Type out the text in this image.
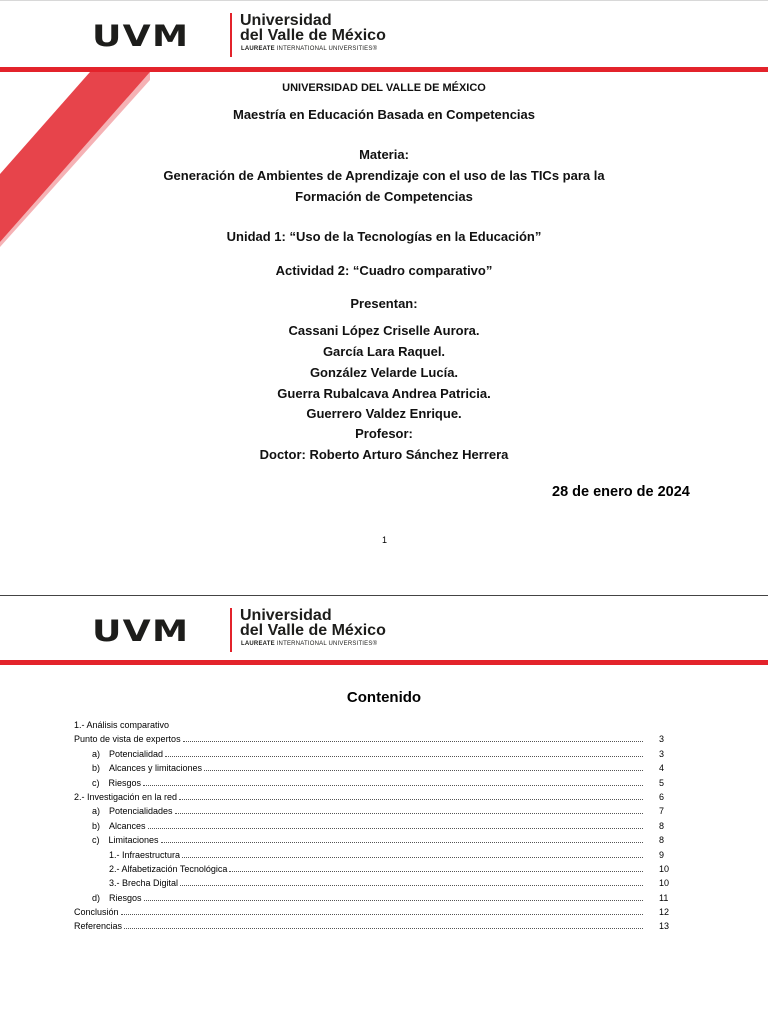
UVM	Universidad
del Valle de México
LAUREATE INTERNATIONAL UNIVERSITIES®
UNIVERSIDAD DEL VALLE DE MÉXICO
Maestría en Educación Basada en Competencias
Materia:
Generación de Ambientes de Aprendizaje con el uso de las TICs para la
Formación de Competencias
Unidad 1: “Uso de la Tecnologías en la Educación”
Actividad 2: “Cuadro comparativo”
Presentan:
Cassani López Criselle Aurora.
García Lara Raquel.
González Velarde Lucía.
Guerra Rubalcava Andrea Patricia.
Guerrero Valdez Enrique.
Profesor:
Doctor: Roberto Arturo Sánchez Herrera
28 de enero de 2024
1
UVM	Universidad
del Valle de México
LAUREATE INTERNATIONAL UNIVERSITIES®
Contenido
1.- Análisis comparativo
Punto de vista de expertos	3
a) Potencialidad	3
b) Alcances y limitaciones	4
c) Riesgos	5
2.- Investigación en la red	6
a) Potencialidades	7
b) Alcances	8
c) Limitaciones	8
1.- Infraestructura	9
2.- Alfabetización Tecnológica	10
3.- Brecha Digital	10
d) Riesgos	11
Conclusión	12
Referencias	13
